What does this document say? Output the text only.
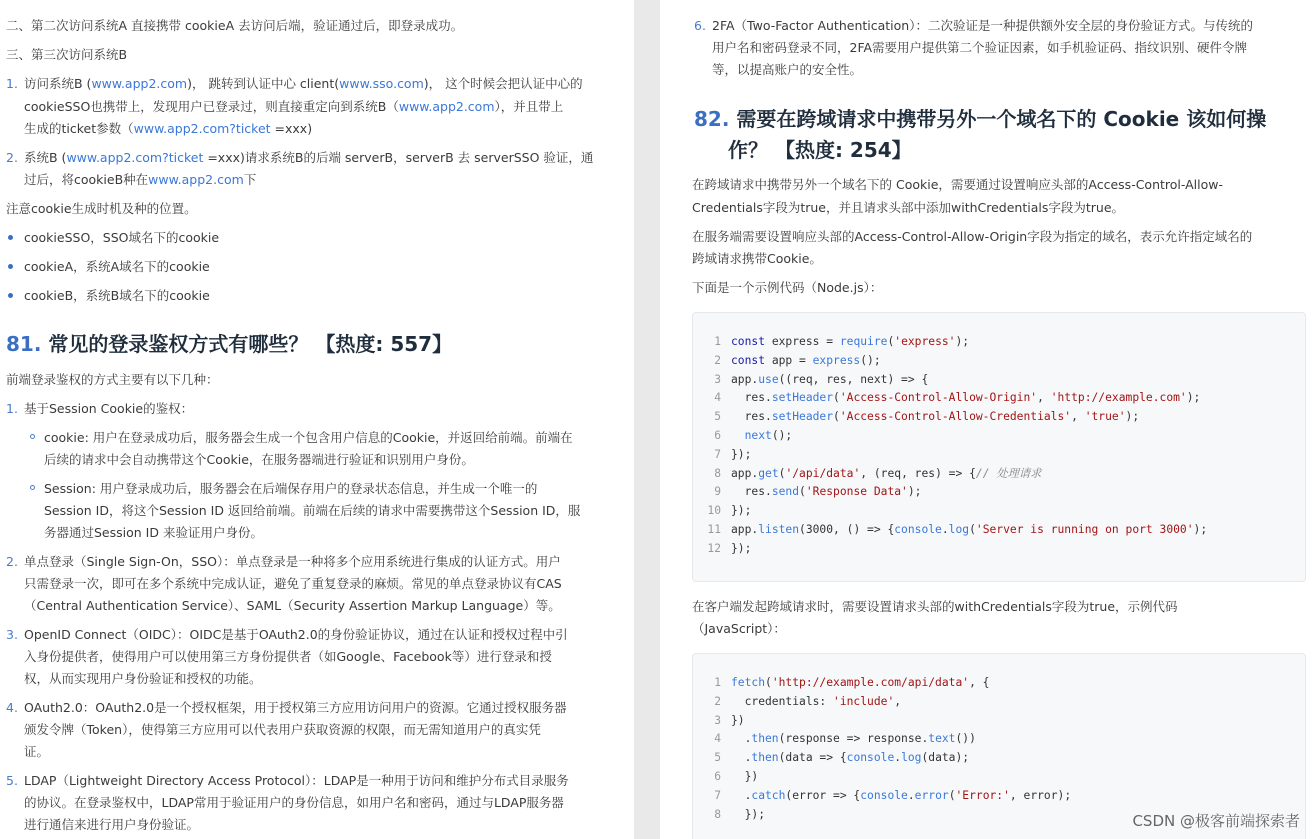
二、第二次访问系统A 直接携带 cookieA 去访问后端，验证通过后，即登录成功。
三、第三次访问系统B
1. 访问系统B (www.app2.com)， 跳转到认证中心 client(www.sso.com)， 这个时候会把认证中心的
cookieSSO也携带上，发现用户已登录过，则直接重定向到系统B（www.app2.com），并且带上
生成的ticket参数（www.app2.com?ticket =xxx)
2. 系统B (www.app2.com?ticket =xxx)请求系统B的后端 serverB，serverB 去 serverSSO 验证，通
过后，将cookieB种在www.app2.com下
注意cookie生成时机及种的位置。
cookieSSO，SSO域名下的cookie
cookieA，系统A域名下的cookie
cookieB，系统B域名下的cookie
81. 常见的登录鉴权方式有哪些？ 【热度: 557】
前端登录鉴权的方式主要有以下几种：
1. 基于Session Cookie的鉴权：
cookie: 用户在登录成功后，服务器会生成一个包含用户信息的Cookie，并返回给前端。前端在
后续的请求中会自动携带这个Cookie，在服务器端进行验证和识别用户身份。
Session: 用户登录成功后，服务器会在后端保存用户的登录状态信息，并生成一个唯一的
Session ID，将这个Session ID 返回给前端。前端在后续的请求中需要携带这个Session ID，服
务器通过Session ID 来验证用户身份。
2. 单点登录（Single Sign-On，SSO）：单点登录是一种将多个应用系统进行集成的认证方式。用户
只需登录一次，即可在多个系统中完成认证，避免了重复登录的麻烦。常见的单点登录协议有CAS
（Central Authentication Service）、SAML（Security Assertion Markup Language）等。
3. OpenID Connect（OIDC）：OIDC是基于OAuth2.0的身份验证协议，通过在认证和授权过程中引
入身份提供者，使得用户可以使用第三方身份提供者（如Google、Facebook等）进行登录和授
权，从而实现用户身份验证和授权的功能。
4. OAuth2.0：OAuth2.0是一个授权框架，用于授权第三方应用访问用户的资源。它通过授权服务器
颁发令牌（Token），使得第三方应用可以代表用户获取资源的权限，而无需知道用户的真实凭
证。
5. LDAP（Lightweight Directory Access Protocol）：LDAP是一种用于访问和维护分布式目录服务
的协议。在登录鉴权中，LDAP常用于验证用户的身份信息，如用户名和密码，通过与LDAP服务器
进行通信来进行用户身份验证。
6. 2FA（Two-Factor Authentication）：二次验证是一种提供额外安全层的身份验证方式。与传统的
用户名和密码登录不同，2FA需要用户提供第二个验证因素，如手机验证码、指纹识别、硬件令牌
等，以提高账户的安全性。
82. 需要在跨域请求中携带另外一个域名下的 Cookie 该如何操
作？ 【热度: 254】
在跨域请求中携带另外一个域名下的 Cookie，需要通过设置响应头部的Access-Control-Allow-
Credentials字段为true，并且请求头部中添加withCredentials字段为true。
在服务端需要设置响应头部的Access-Control-Allow-Origin字段为指定的域名，表示允许指定域名的
跨域请求携带Cookie。
下面是一个示例代码（Node.js）：
1 const express = require('express');
2 const app = express();
3 app.use((req, res, next) => {
4  res.setHeader('Access-Control-Allow-Origin', 'http://example.com');
5  res.setHeader('Access-Control-Allow-Credentials', 'true');
6 next();
7 });
8 app.get('/api/data', (req, res) => {// 处理请求
9  res.send('Response Data');
10 });
11 app.listen(3000, () => {console.log('Server is running on port 3000');
12 });
在客户端发起跨域请求时，需要设置请求头部的withCredentials字段为true，示例代码
（JavaScript）：
1 fetch('http://example.com/api/data', {
2  credentials: 'include',
3 })
4  .then(response => response.text())
5  .then(data => {console.log(data);
6  })
7  .catch(error => {console.error('Error:', error);
8  });	CSDN @极客前端探索者
